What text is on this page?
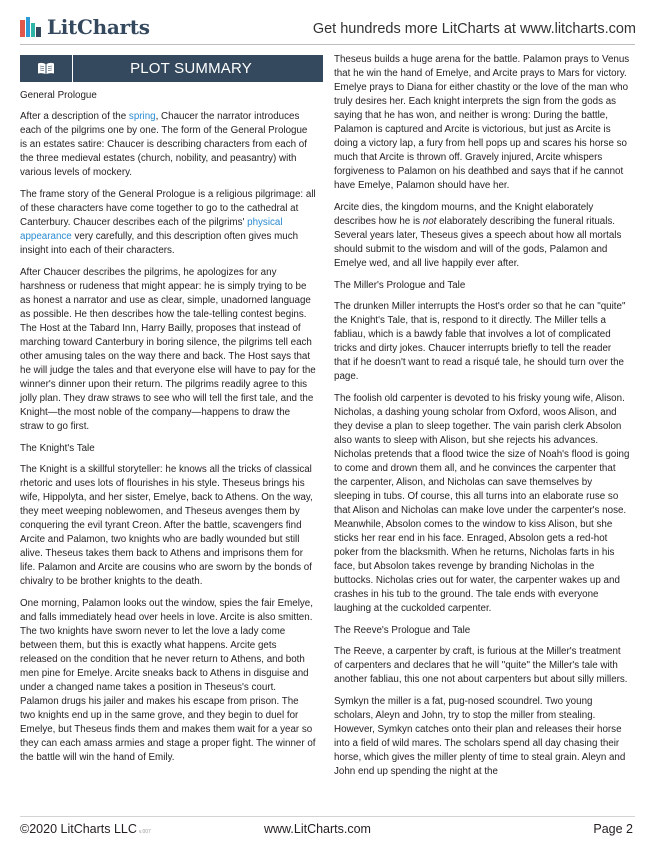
LitCharts	Get hundreds more LitCharts at www.litcharts.com
PLOT SUMMARY
General Prologue

After a description of the spring, Chaucer the narrator introduces each of the pilgrims one by one. The form of the General Prologue is an estates satire: Chaucer is describing characters from each of the three medieval estates (church, nobility, and peasantry) with various levels of mockery.

The frame story of the General Prologue is a religious pilgrimage: all of these characters have come together to go to the cathedral at Canterbury. Chaucer describes each of the pilgrims' physical appearance very carefully, and this description often gives much insight into each of their characters.

After Chaucer describes the pilgrims, he apologizes for any harshness or rudeness that might appear: he is simply trying to be as honest a narrator and use as clear, simple, unadorned language as possible. He then describes how the tale-telling contest begins. The Host at the Tabard Inn, Harry Bailly, proposes that instead of marching toward Canterbury in boring silence, the pilgrims tell each other amusing tales on the way there and back. The Host says that he will judge the tales and that everyone else will have to pay for the winner's dinner upon their return. The pilgrims readily agree to this jolly plan. They draw straws to see who will tell the first tale, and the Knight—the most noble of the company—happens to draw the straw to go first.

The Knight's Tale

The Knight is a skillful storyteller: he knows all the tricks of classical rhetoric and uses lots of flourishes in his style. Theseus brings his wife, Hippolyta, and her sister, Emelye, back to Athens. On the way, they meet weeping noblewomen, and Theseus avenges them by conquering the evil tyrant Creon. After the battle, scavengers find Arcite and Palamon, two knights who are badly wounded but still alive. Theseus takes them back to Athens and imprisons them for life. Palamon and Arcite are cousins who are sworn by the bonds of chivalry to be brother knights to the death.

One morning, Palamon looks out the window, spies the fair Emelye, and falls immediately head over heels in love. Arcite is also smitten. The two knights have sworn never to let the love a lady come between them, but this is exactly what happens. Arcite gets released on the condition that he never return to Athens, and both men pine for Emelye. Arcite sneaks back to Athens in disguise and under a changed name takes a position in Theseus's court. Palamon drugs his jailer and makes his escape from prison. The two knights end up in the same grove, and they begin to duel for Emelye, but Theseus finds them and makes them wait for a year so they can each amass armies and stage a proper fight. The winner of the battle will win the hand of Emily.

Theseus builds a huge arena for the battle. Palamon prays to Venus that he win the hand of Emelye, and Arcite prays to Mars for victory. Emelye prays to Diana for either chastity or the love of the man who truly desires her. Each knight interprets the sign from the gods as saying that he has won, and neither is wrong: During the battle, Palamon is captured and Arcite is victorious, but just as Arcite is doing a victory lap, a fury from hell pops up and scares his horse so much that Arcite is thrown off. Gravely injured, Arcite whispers forgiveness to Palamon on his deathbed and says that if he cannot have Emelye, Palamon should have her.

Arcite dies, the kingdom mourns, and the Knight elaborately describes how he is not elaborately describing the funeral rituals. Several years later, Theseus gives a speech about how all mortals should submit to the wisdom and will of the gods, Palamon and Emelye wed, and all live happily ever after.

The Miller's Prologue and Tale

The drunken Miller interrupts the Host's order so that he can "quite" the Knight's Tale, that is, respond to it directly. The Miller tells a fabliau, which is a bawdy fable that involves a lot of complicated tricks and dirty jokes. Chaucer interrupts briefly to tell the reader that if he doesn't want to read a risqué tale, he should turn over the page.

The foolish old carpenter is devoted to his frisky young wife, Alison. Nicholas, a dashing young scholar from Oxford, woos Alison, and they devise a plan to sleep together. The vain parish clerk Absolon also wants to sleep with Alison, but she rejects his advances. Nicholas pretends that a flood twice the size of Noah's flood is going to come and drown them all, and he convinces the carpenter that the carpenter, Alison, and Nicholas can save themselves by sleeping in tubs. Of course, this all turns into an elaborate ruse so that Alison and Nicholas can make love under the carpenter's nose. Meanwhile, Absolon comes to the window to kiss Alison, but she sticks her rear end in his face. Enraged, Absolon gets a red-hot poker from the blacksmith. When he returns, Nicholas farts in his face, but Absolon takes revenge by branding Nicholas in the buttocks. Nicholas cries out for water, the carpenter wakes up and crashes in his tub to the ground. The tale ends with everyone laughing at the cuckolded carpenter.

The Reeve's Prologue and Tale

The Reeve, a carpenter by craft, is furious at the Miller's treatment of carpenters and declares that he will "quite" the Miller's tale with another fabliau, this one not about carpenters but about silly millers.

Symkyn the miller is a fat, pug-nosed scoundrel. Two young scholars, Aleyn and John, try to stop the miller from stealing. However, Symkyn catches onto their plan and releases their horse into a field of wild mares. The scholars spend all day chasing their horse, which gives the miller plenty of time to steal grain. Aleyn and John end up spending the night at the

©2020 LitCharts LLC v.007	www.LitCharts.com	Page 2
